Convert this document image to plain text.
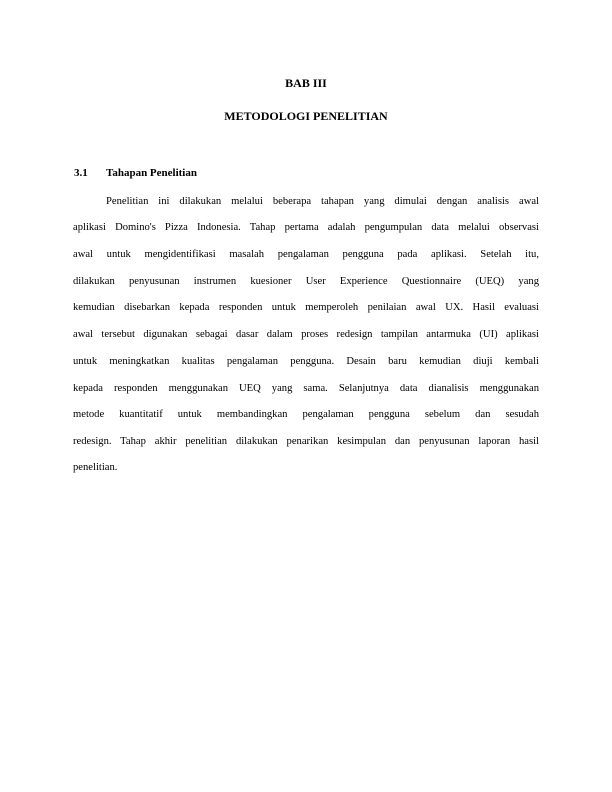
BAB III
METODOLOGI PENELITIAN
3.1 Tahapan Penelitian
Penelitian ini dilakukan melalui beberapa tahapan yang dimulai dengan analisis awal
aplikasi Domino's Pizza Indonesia. Tahap pertama adalah pengumpulan data melalui observasi
awal untuk mengidentifikasi masalah pengalaman pengguna pada aplikasi. Setelah itu,
dilakukan penyusunan instrumen kuesioner User Experience Questionnaire (UEQ) yang
kemudian disebarkan kepada responden untuk memperoleh penilaian awal UX. Hasil evaluasi
awal tersebut digunakan sebagai dasar dalam proses redesign tampilan antarmuka (UI) aplikasi
untuk meningkatkan kualitas pengalaman pengguna. Desain baru kemudian diuji kembali
kepada responden menggunakan UEQ yang sama. Selanjutnya data dianalisis menggunakan
metode kuantitatif untuk membandingkan pengalaman pengguna sebelum dan sesudah
redesign. Tahap akhir penelitian dilakukan penarikan kesimpulan dan penyusunan laporan hasil
penelitian.
